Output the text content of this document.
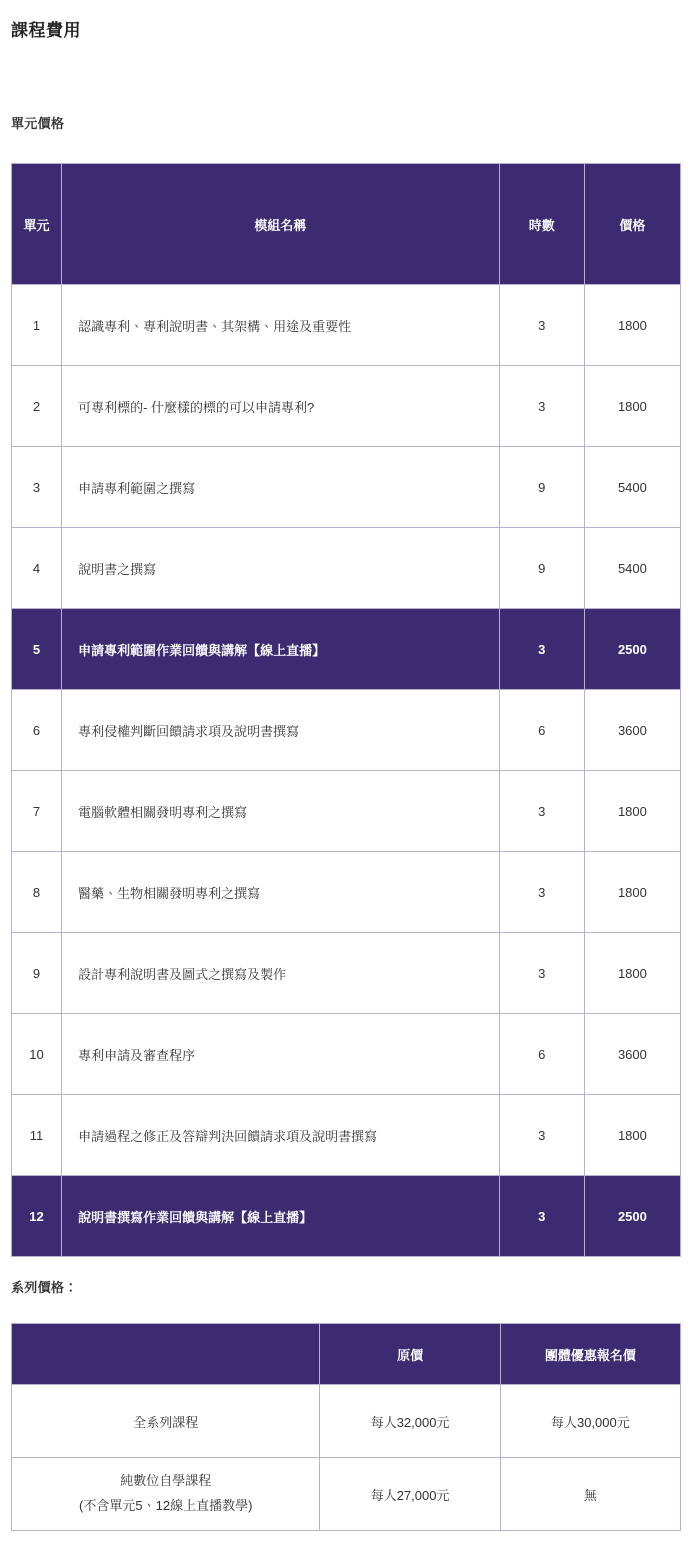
課程費用
單元價格
單元	模組名稱	時數	價格
1	認識專利、專利說明書、其架構、用途及重要性	3	1800
2	可專利標的- 什麼樣的標的可以申請專利?	3	1800
3	申請專利範圍之撰寫	9	5400
4	說明書之撰寫	9	5400
5	申請專利範圍作業回饋與講解【線上直播】	3	2500
6	專利侵權判斷回饋請求項及說明書撰寫	6	3600
7	電腦軟體相關發明專利之撰寫	3	1800
8	醫藥、生物相關發明專利之撰寫	3	1800
9	設計專利說明書及圖式之撰寫及製作	3	1800
10	專利申請及審查程序	6	3600
11	申請過程之修正及答辯判決回饋請求項及說明書撰寫	3	1800
12	說明書撰寫作業回饋與講解【線上直播】	3	2500
系列價格：
	原價	團體優惠報名價
全系列課程	每人32,000元	每人30,000元

純數位自學課程
(不含單元5、12線上直播教學)	每人27,000元	無
